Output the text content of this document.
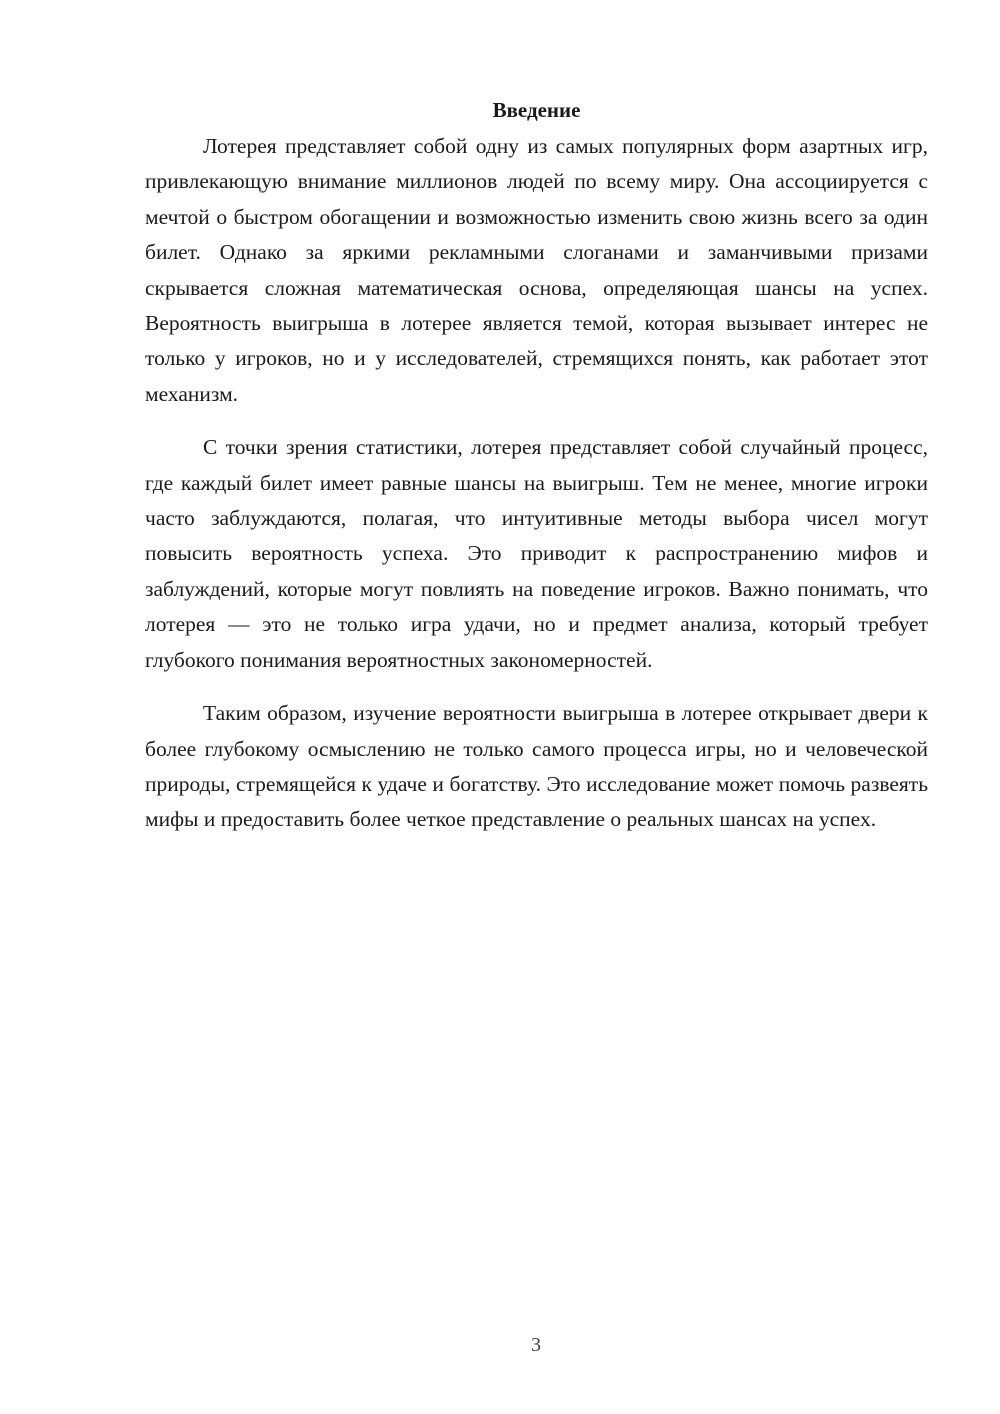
Введение

Лотерея представляет собой одну из самых популярных форм азартных игр, привлекающую внимание миллионов людей по всему миру. Она ассоциируется с мечтой о быстром обогащении и возможностью изменить свою жизнь всего за один билет. Однако за яркими рекламными слоганами и заманчивыми призами скрывается сложная математическая основа, определяющая шансы на успех. Вероятность выигрыша в лотерее является темой, которая вызывает интерес не только у игроков, но и у исследователей, стремящихся понять, как работает этот механизм.

С точки зрения статистики, лотерея представляет собой случайный процесс, где каждый билет имеет равные шансы на выигрыш. Тем не менее, многие игроки часто заблуждаются, полагая, что интуитивные методы выбора чисел могут повысить вероятность успеха. Это приводит к распространению мифов и заблуждений, которые могут повлиять на поведение игроков. Важно понимать, что лотерея — это не только игра удачи, но и предмет анализа, который требует глубокого понимания вероятностных закономерностей.

Таким образом, изучение вероятности выигрыша в лотерее открывает двери к более глубокому осмыслению не только самого процесса игры, но и человеческой природы, стремящейся к удаче и богатству. Это исследование может помочь развеять мифы и предоставить более четкое представление о реальных шансах на успех.

3
